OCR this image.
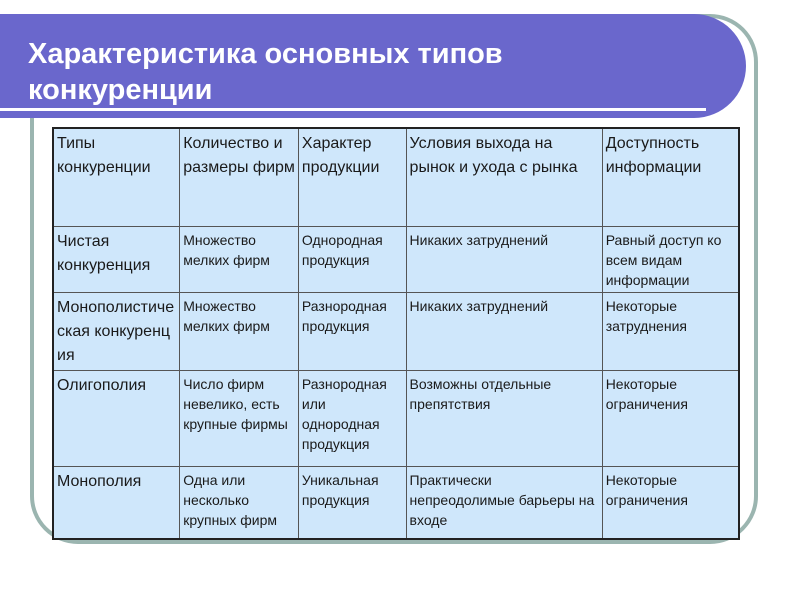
Характеристика основных типов
конкуренции
Типы конкуренции	Количество и размеры фирм	Характер продукции	Условия выхода на рынок и ухода с рынка	Доступность информации
Чистая конкуренция	Множество мелких фирм	Однородная продукция	Никаких затруднений	Равный доступ ко всем видам информации
Монополистическая конкуренция	Множество мелких фирм	Разнородная продукция	Никаких затруднений	Некоторые затруднения
Олигополия	Число фирм невелико, есть крупные фирмы	Разнородная или однородная продукция	Возможны отдельные препятствия	Некоторые ограничения
Монополия	Одна или несколько крупных фирм	Уникальная продукция	Практически непреодолимые барьеры на входе	Некоторые ограничения
